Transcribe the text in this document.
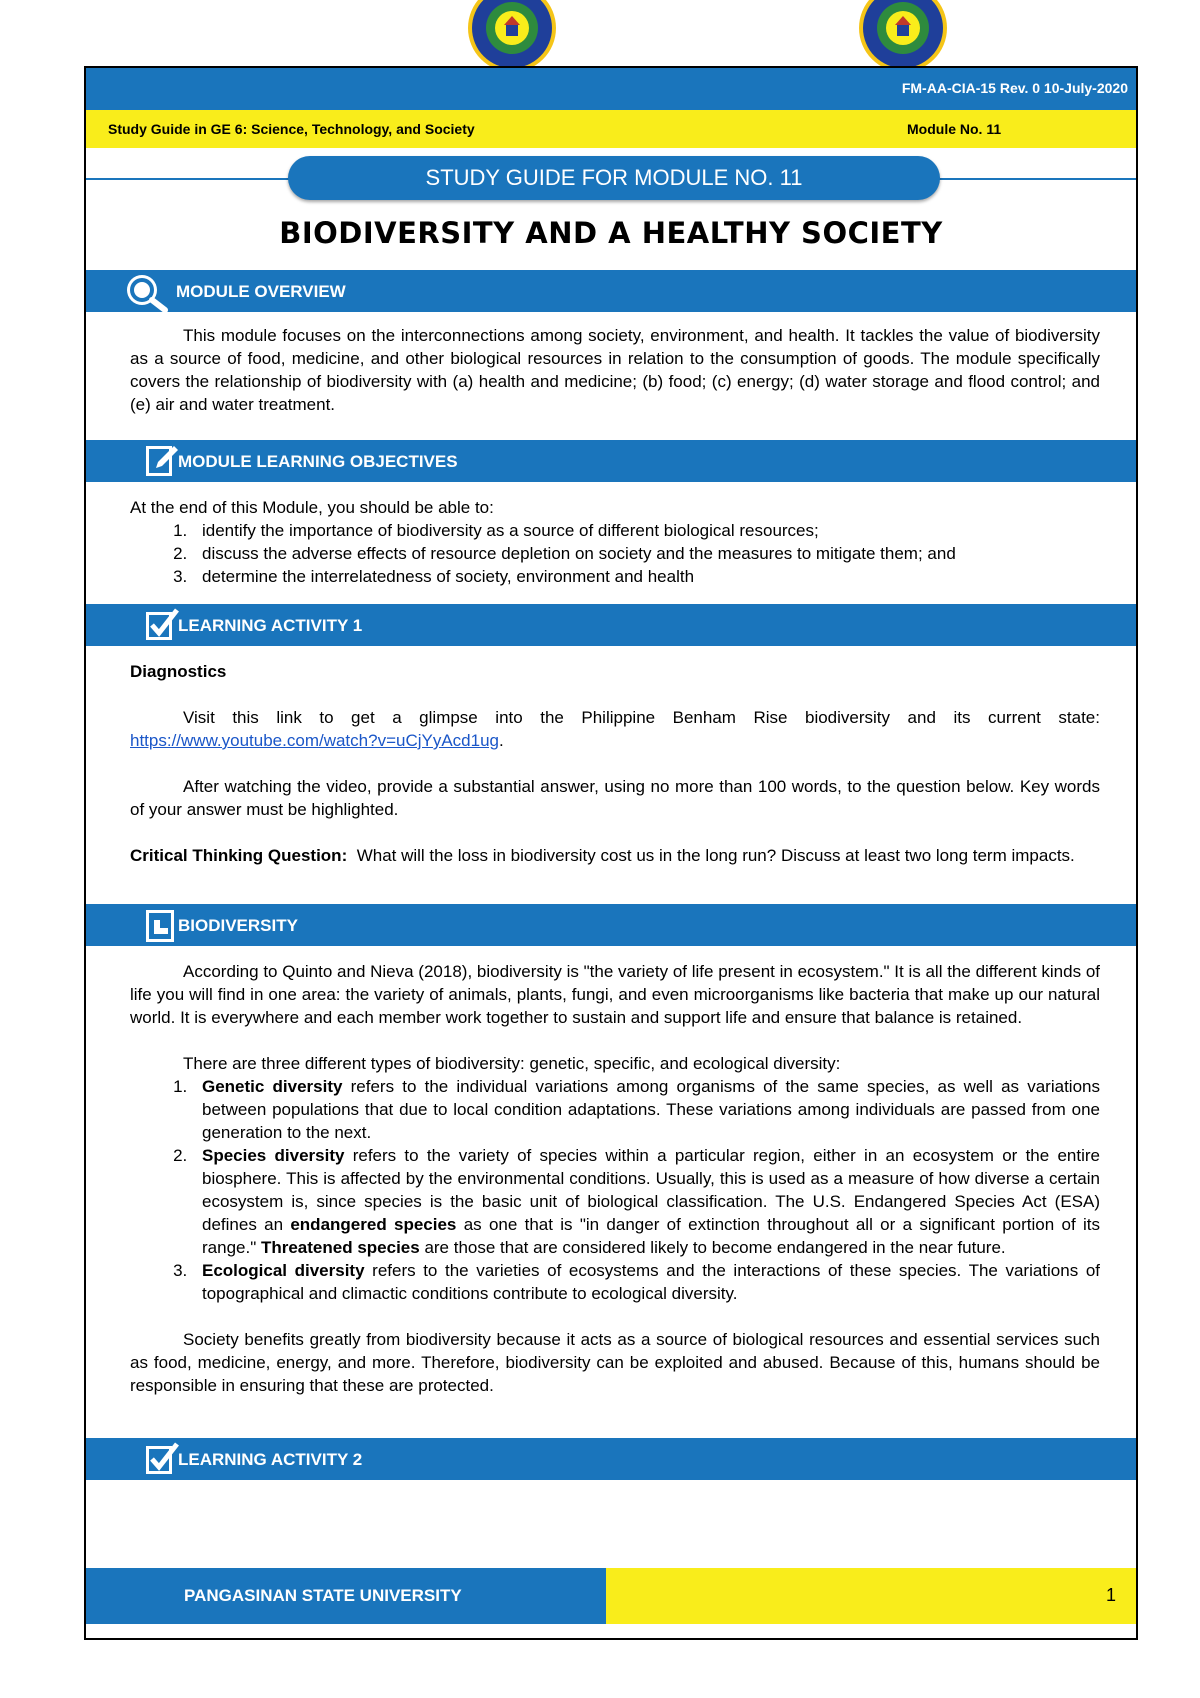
FM-AA-CIA-15 Rev. 0 10-July-2020
Study Guide in GE 6: Science, Technology, and Society	Module No. 11
STUDY GUIDE FOR MODULE NO. 11
BIODIVERSITY AND A HEALTHY SOCIETY
MODULE OVERVIEW

This module focuses on the interconnections among society, environment, and health. It tackles the value of biodiversity as a source of food, medicine, and other biological resources in relation to the consumption of goods. The module specifically covers the relationship of biodiversity with (a) health and medicine; (b) food; (c) energy; (d) water storage and flood control; and (e) air and water treatment.

MODULE LEARNING OBJECTIVES

At the end of this Module, you should be able to:

1. identify the importance of biodiversity as a source of different biological resources;
2. discuss the adverse effects of resource depletion on society and the measures to mitigate them; and
3. determine the interrelatedness of society, environment and health
LEARNING ACTIVITY 1

Diagnostics

Visit this link to get a glimpse into the Philippine Benham Rise biodiversity and its current state: https://www.youtube.com/watch?v=uCjYyAcd1ug.

After watching the video, provide a substantial answer, using no more than 100 words, to the question below. Key words of your answer must be highlighted.

Critical Thinking Question: What will the loss in biodiversity cost us in the long run? Discuss at least two long term impacts.

BIODIVERSITY

According to Quinto and Nieva (2018), biodiversity is "the variety of life present in ecosystem." It is all the different kinds of life you will find in one area: the variety of animals, plants, fungi, and even microorganisms like bacteria that make up our natural world. It is everywhere and each member work together to sustain and support life and ensure that balance is retained.

There are three different types of biodiversity: genetic, specific, and ecological diversity:

1. Genetic diversity refers to the individual variations among organisms of the same species, as well as variations between populations that due to local condition adaptations. These variations among individuals are passed from one generation to the next.
2. Species diversity refers to the variety of species within a particular region, either in an ecosystem or the entire biosphere. This is affected by the environmental conditions. Usually, this is used as a measure of how diverse a certain ecosystem is, since species is the basic unit of biological classification. The U.S. Endangered Species Act (ESA) defines an endangered species as one that is "in danger of extinction throughout all or a significant portion of its range." Threatened species are those that are considered likely to become endangered in the near future.
3. Ecological diversity refers to the varieties of ecosystems and the interactions of these species. The variations of topographical and climactic conditions contribute to ecological diversity.

Society benefits greatly from biodiversity because it acts as a source of biological resources and essential services such as food, medicine, energy, and more. Therefore, biodiversity can be exploited and abused. Because of this, humans should be responsible in ensuring that these are protected.

LEARNING ACTIVITY 2
PANGASINAN STATE UNIVERSITY	1
